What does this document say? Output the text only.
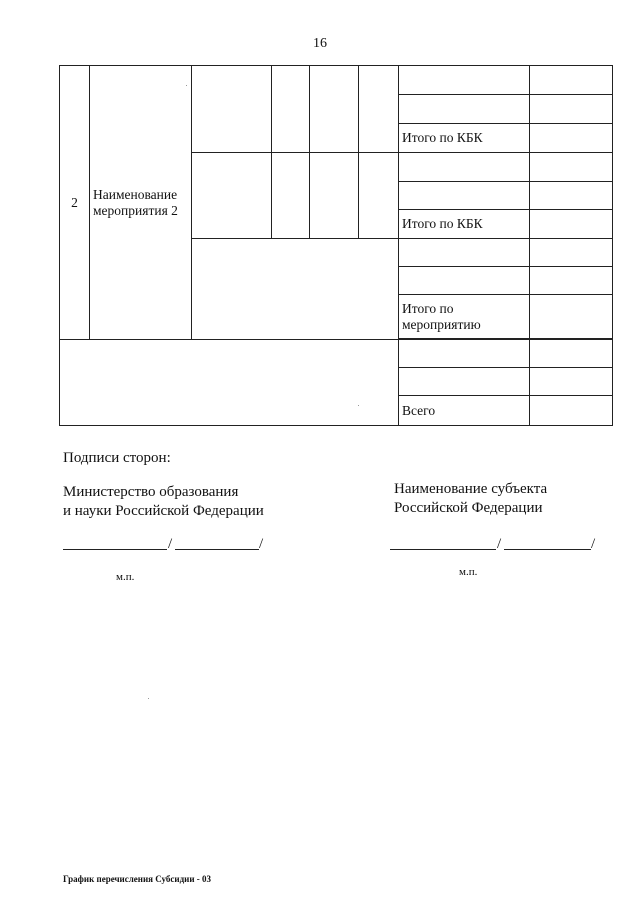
16
2	Наименование мероприятия 2						

						Итого по КБК	

						Итого по КБК	

						Итого по мероприятию	

						Всего	
Подписи сторон:
Министерство образования
и науки Российской Федерации
Наименование субъекта
Российской Федерации
/	/	/	/
м.п.	м.п.
График перечисления Субсидии - 03
